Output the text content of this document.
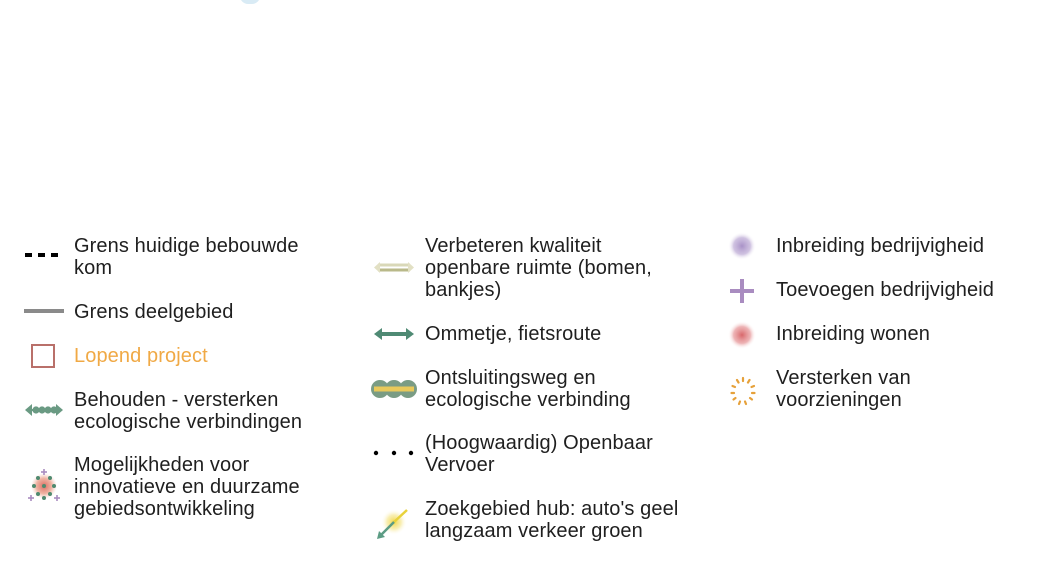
Grens huidige bebouwde
kom
Grens deelgebied
Lopend project
Behouden - versterken
ecologische verbindingen
Mogelijkheden voor
innovatieve en duurzame
gebiedsontwikkeling
Verbeteren kwaliteit
openbare ruimte (bomen,
bankjes)
Ommetje, fietsroute
Ontsluitingsweg en
ecologische verbinding
(Hoogwaardig) Openbaar
Vervoer
Zoekgebied hub: auto's geel
langzaam verkeer groen
Inbreiding bedrijvigheid
Toevoegen bedrijvigheid
Inbreiding wonen
Versterken van
voorzieningen
